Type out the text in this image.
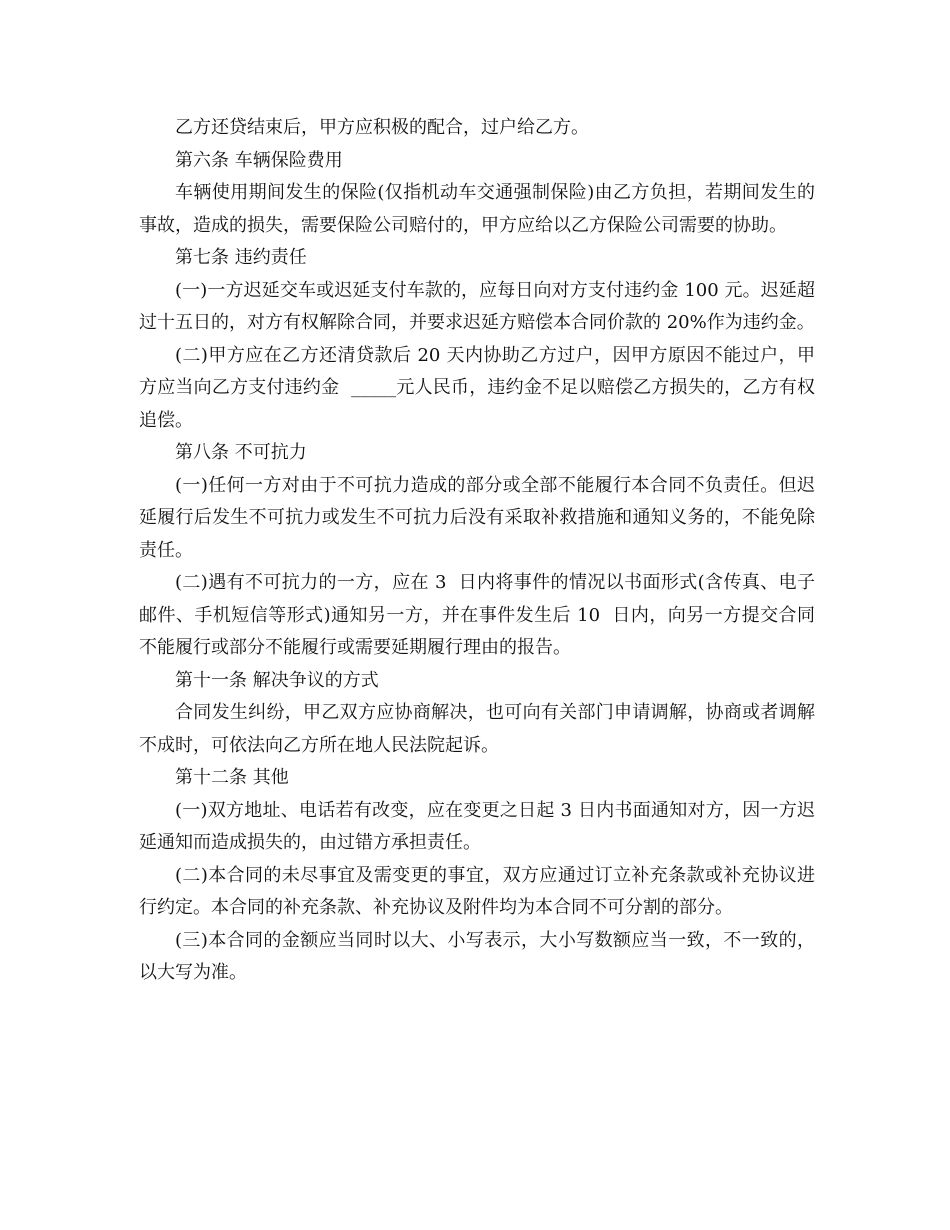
乙方还贷结束后，甲方应积极的配合，过户给乙方。

第六条 车辆保险费用

车辆使用期间发生的保险(仅指机动车交通强制保险)由乙方负担，若期间发生的事故，造成的损失，需要保险公司赔付的，甲方应给以乙方保险公司需要的协助。

第七条 违约责任

(一)一方迟延交车或迟延支付车款的，应每日向对方支付违约金 100 元。迟延超过十五日的，对方有权解除合同，并要求迟延方赔偿本合同价款的 20%作为违约金。

(二)甲方应在乙方还清贷款后 20 天内协助乙方过户，因甲方原因不能过户，甲方应当向乙方支付违约金  _____元人民币，违约金不足以赔偿乙方损失的，乙方有权追偿。

第八条 不可抗力

(一)任何一方对由于不可抗力造成的部分或全部不能履行本合同不负责任。但迟延履行后发生不可抗力或发生不可抗力后没有采取补救措施和通知义务的，不能免除责任。

(二)遇有不可抗力的一方，应在 3  日内将事件的情况以书面形式(含传真、电子邮件、手机短信等形式)通知另一方，并在事件发生后 10  日内，向另一方提交合同不能履行或部分不能履行或需要延期履行理由的报告。

第十一条 解决争议的方式

合同发生纠纷，甲乙双方应协商解决，也可向有关部门申请调解，协商或者调解不成时，可依法向乙方所在地人民法院起诉。

第十二条 其他

(一)双方地址、电话若有改变，应在变更之日起 3 日内书面通知对方，因一方迟延通知而造成损失的，由过错方承担责任。

(二)本合同的未尽事宜及需变更的事宜，双方应通过订立补充条款或补充协议进行约定。本合同的补充条款、补充协议及附件均为本合同不可分割的部分。

(三)本合同的金额应当同时以大、小写表示，大小写数额应当一致，不一致的，以大写为准。
